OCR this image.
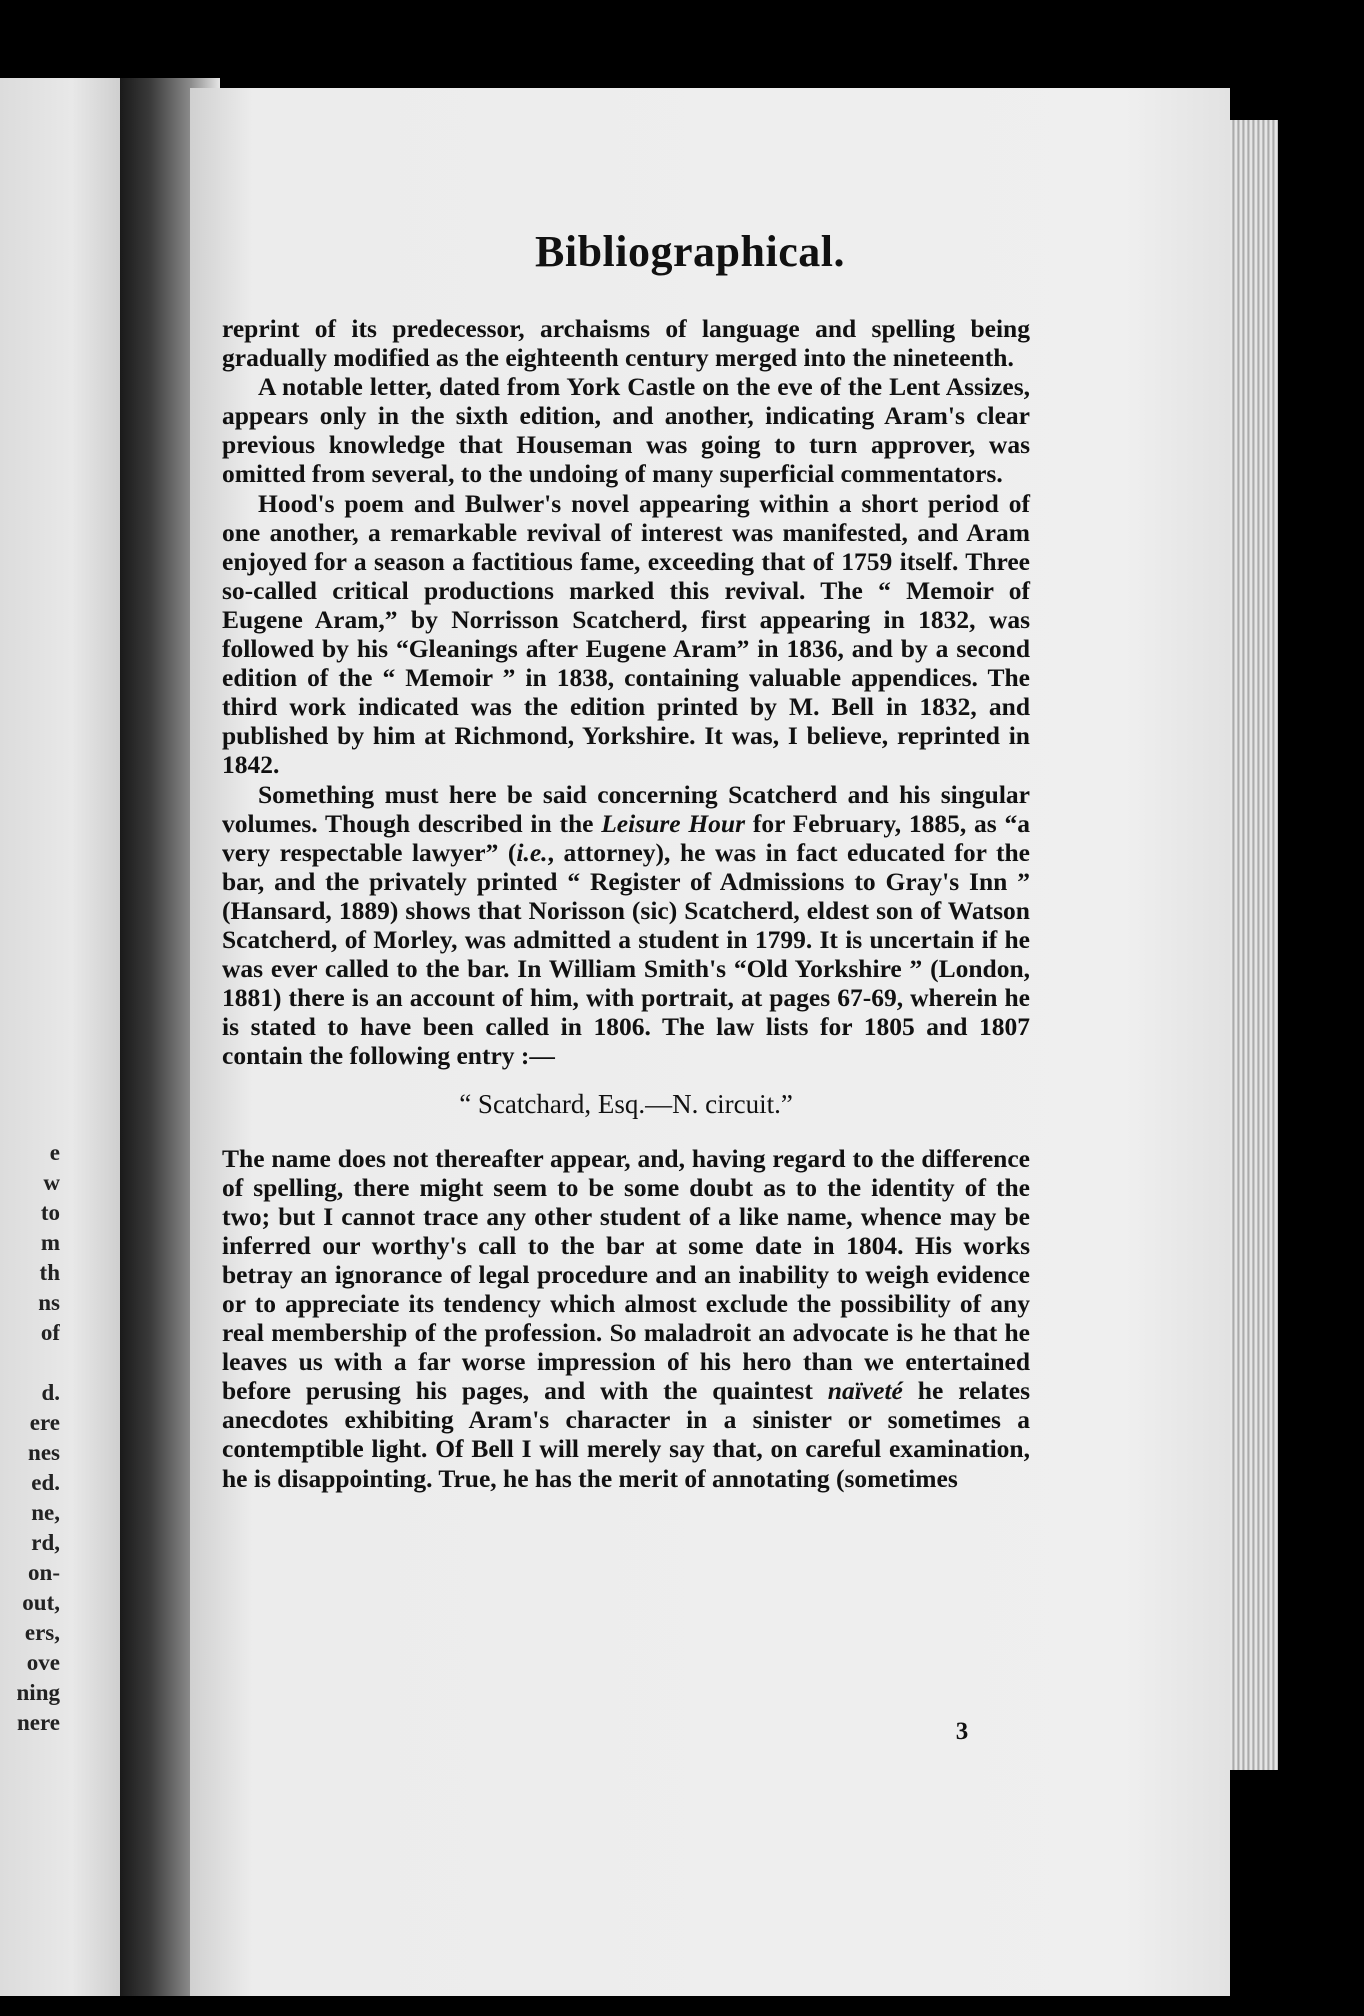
e
w
to
m
th
ns
of

d.
ere
nes
ed.
ne,
rd,
on-
out,
ers,
ove
ning
nere
Bibliographical.

reprint of its predecessor, archaisms of language and spelling being gradually modified as the eighteenth century merged into the nineteenth.

A notable letter, dated from York Castle on the eve of the Lent Assizes, appears only in the sixth edition, and another, indicating Aram's clear previous knowledge that Houseman was going to turn approver, was omitted from several, to the undoing of many superficial commentators.

Hood's poem and Bulwer's novel appearing within a short period of one another, a remarkable revival of interest was manifested, and Aram enjoyed for a season a factitious fame, exceeding that of 1759 itself. Three so-called critical productions marked this revival. The “ Memoir of Eugene Aram,” by Norrisson Scatcherd, first appearing in 1832, was followed by his “Gleanings after Eugene Aram” in 1836, and by a second edition of the “ Memoir ” in 1838, containing valuable appendices. The third work indicated was the edition printed by M. Bell in 1832, and published by him at Richmond, Yorkshire. It was, I believe, reprinted in 1842.

Something must here be said concerning Scatcherd and his singular volumes. Though described in the Leisure Hour for February, 1885, as “a very respectable lawyer” (i.e., attorney), he was in fact educated for the bar, and the privately printed “ Register of Admissions to Gray's Inn ” (Hansard, 1889) shows that Norisson (sic) Scatcherd, eldest son of Watson Scatcherd, of Morley, was admitted a student in 1799. It is uncertain if he was ever called to the bar. In William Smith's “Old Yorkshire ” (London, 1881) there is an account of him, with portrait, at pages 67-69, wherein he is stated to have been called in 1806. The law lists for 1805 and 1807 contain the following entry :—

“ Scatchard, Esq.—N. circuit.”

The name does not thereafter appear, and, having regard to the difference of spelling, there might seem to be some doubt as to the identity of the two; but I cannot trace any other student of a like name, whence may be inferred our worthy's call to the bar at some date in 1804. His works betray an ignorance of legal procedure and an inability to weigh evidence or to appreciate its tendency which almost exclude the possibility of any real membership of the profession. So maladroit an advocate is he that he leaves us with a far worse impression of his hero than we entertained before perusing his pages, and with the quaintest naïveté he relates anecdotes exhibiting Aram's character in a sinister or sometimes a contemptible light. Of Bell I will merely say that, on careful examination, he is disappointing. True, he has the merit of annotating (sometimes

3
